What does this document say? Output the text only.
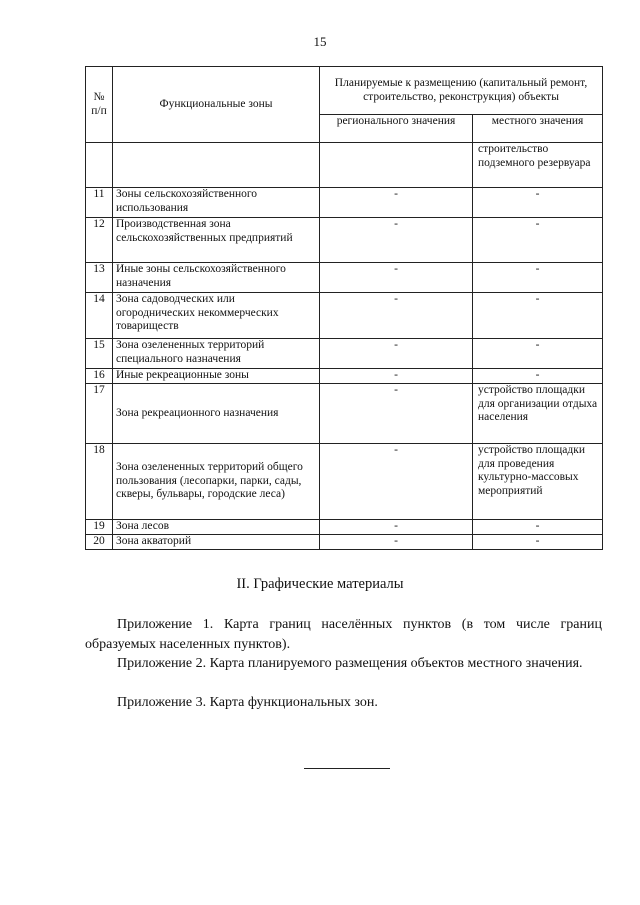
15
№ п/п	Функциональные зоны	Планируемые к размещению (капитальный ремонт, строительство, реконструкция) объекты	
		регионального значения	местного значения
			строительство подземного резервуара
11	Зоны сельскохозяйственного использования	-	-
12	Производственная зона сельскохозяйственных предприятий	-	-
13	Иные зоны сельскохозяйственного назначения	-	-
14	Зона садоводческих или огороднических некоммерческих товариществ	-	-
15	Зона озелененных территорий специального назначения	-	-
16	Иные рекреационные зоны	-	-
17	Зона рекреационного назначения	-	устройство площадки для организации отдыха населения
18	Зона озелененных территорий общего пользования (лесопарки, парки, сады, скверы, бульвары, городские леса)	-	устройство площадки для проведения культурно-массовых мероприятий
19	Зона лесов	-	-
20	Зона акваторий	-	-
II. Графические материалы

Приложение 1. Карта границ населённых пунктов (в том числе границ образуемых населенных пунктов).

Приложение 2. Карта планируемого размещения объектов местного значения.

Приложение 3. Карта функциональных зон.
